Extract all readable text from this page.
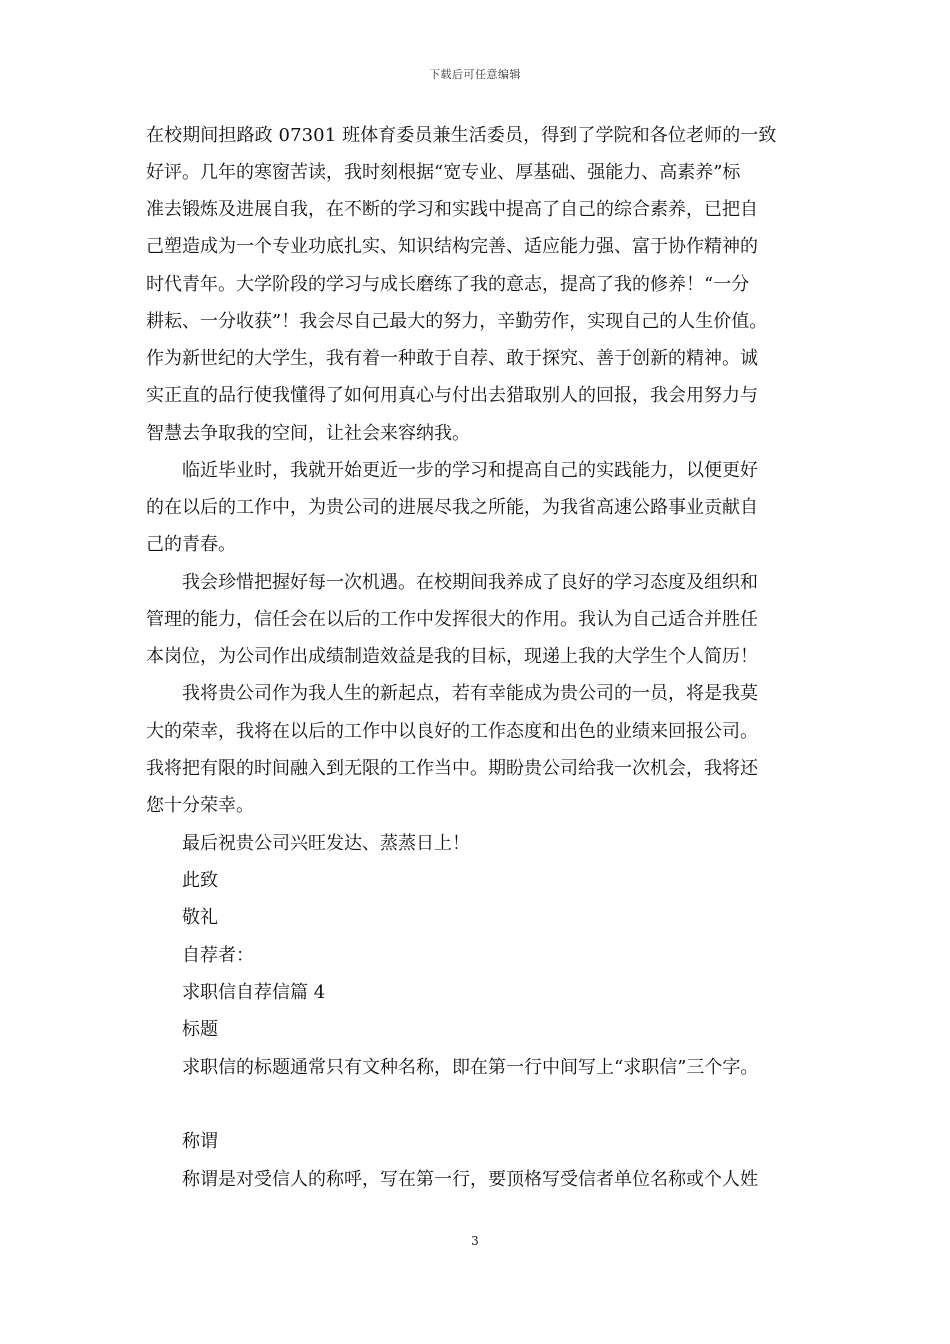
下载后可任意编辑
在校期间担路政 07301 班体育委员兼生活委员，得到了学院和各位老师的一致
好评。几年的寒窗苦读，我时刻根据“宽专业、厚基础、强能力、高素养”标
准去锻炼及进展自我，在不断的学习和实践中提高了自己的综合素养，已把自
己塑造成为一个专业功底扎实、知识结构完善、适应能力强、富于协作精神的
时代青年。大学阶段的学习与成长磨练了我的意志，提高了我的修养！“一分
耕耘、一分收获”！我会尽自己最大的努力，辛勤劳作，实现自己的人生价值。
作为新世纪的大学生，我有着一种敢于自荐、敢于探究、善于创新的精神。诚
实正直的品行使我懂得了如何用真心与付出去猎取别人的回报，我会用努力与
智慧去争取我的空间，让社会来容纳我。
临近毕业时，我就开始更近一步的学习和提高自己的实践能力，以便更好
的在以后的工作中，为贵公司的进展尽我之所能，为我省高速公路事业贡献自
己的青春。
我会珍惜把握好每一次机遇。在校期间我养成了良好的学习态度及组织和
管理的能力，信任会在以后的工作中发挥很大的作用。我认为自己适合并胜任
本岗位，为公司作出成绩制造效益是我的目标，现递上我的大学生个人简历！
我将贵公司作为我人生的新起点，若有幸能成为贵公司的一员，将是我莫
大的荣幸，我将在以后的工作中以良好的工作态度和出色的业绩来回报公司。
我将把有限的时间融入到无限的工作当中。期盼贵公司给我一次机会，我将还
您十分荣幸。
最后祝贵公司兴旺发达、蒸蒸日上！
此致
敬礼
自荐者：
求职信自荐信篇 4
标题
求职信的标题通常只有文种名称，即在第一行中间写上“求职信”三个字。
称谓
称谓是对受信人的称呼，写在第一行，要顶格写受信者单位名称或个人姓
3
